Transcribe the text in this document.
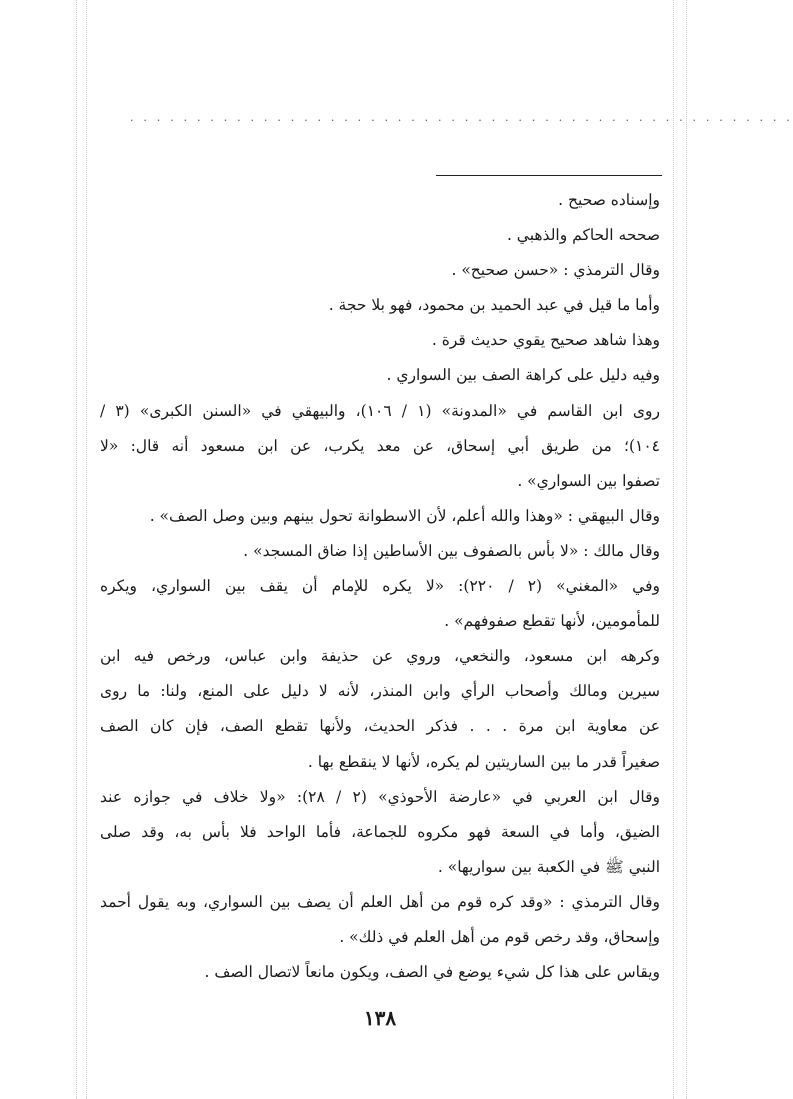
. . . . . . . . . . . . . . . . . . . . . . . . . . . . . . . . . . . . . . . . . . . . . . . . . .
وإسناده صحيح .
صححه الحاكم والذهبي .
وقال الترمذي : «حسن صحيح» .
وأما ما قيل في عبد الحميد بن محمود، فهو بلا حجة .
وهذا شاهد صحيح يقوي حديث قرة .
وفيه دليل على كراهة الصف بين السواري .
روى ابن القاسم في «المدونة» (١ / ١٠٦)، والبيهقي في «السنن الكبرى» (٣ /
١٠٤)؛ من طريق أبي إسحاق، عن معد يكرب، عن ابن مسعود أنه قال: «لا
تصفوا بين السواري» .
وقال البيهقي : «وهذا والله أعلم، لأن الاسطوانة تحول بينهم وبين وصل الصف» .
وقال مالك : «لا بأس بالصفوف بين الأساطين إذا ضاق المسجد» .
وفي «المغني» (٢ / ٢٢٠): «لا يكره للإمام أن يقف بين السواري، ويكره
للمأمومين، لأنها تقطع صفوفهم» .
وكرهه ابن مسعود، والنخعي، وروي عن حذيفة وابن عباس، ورخص فيه ابن
سيرين ومالك وأصحاب الرأي وابن المنذر، لأنه لا دليل على المنع، ولنا: ما روى
عن معاوية ابن مرة . . . فذكر الحديث، ولأنها تقطع الصف، فإن كان الصف
صغيراً قدر ما بين الساريتين لم يكره، لأنها لا ينقطع بها .
وقال ابن العربي في «عارضة الأحوذي» (٢ / ٢٨): «ولا خلاف في جوازه عند
الضيق، وأما في السعة فهو مكروه للجماعة، فأما الواحد فلا بأس به، وقد صلى
النبي ﷺ في الكعبة بين سواريها» .
وقال الترمذي : «وقد كره قوم من أهل العلم أن يصف بين السواري، وبه يقول أحمد
وإسحاق، وقد رخص قوم من أهل العلم في ذلك» .
ويقاس على هذا كل شيء يوضع في الصف، ويكون مانعاً لاتصال الصف .
١٣٨
